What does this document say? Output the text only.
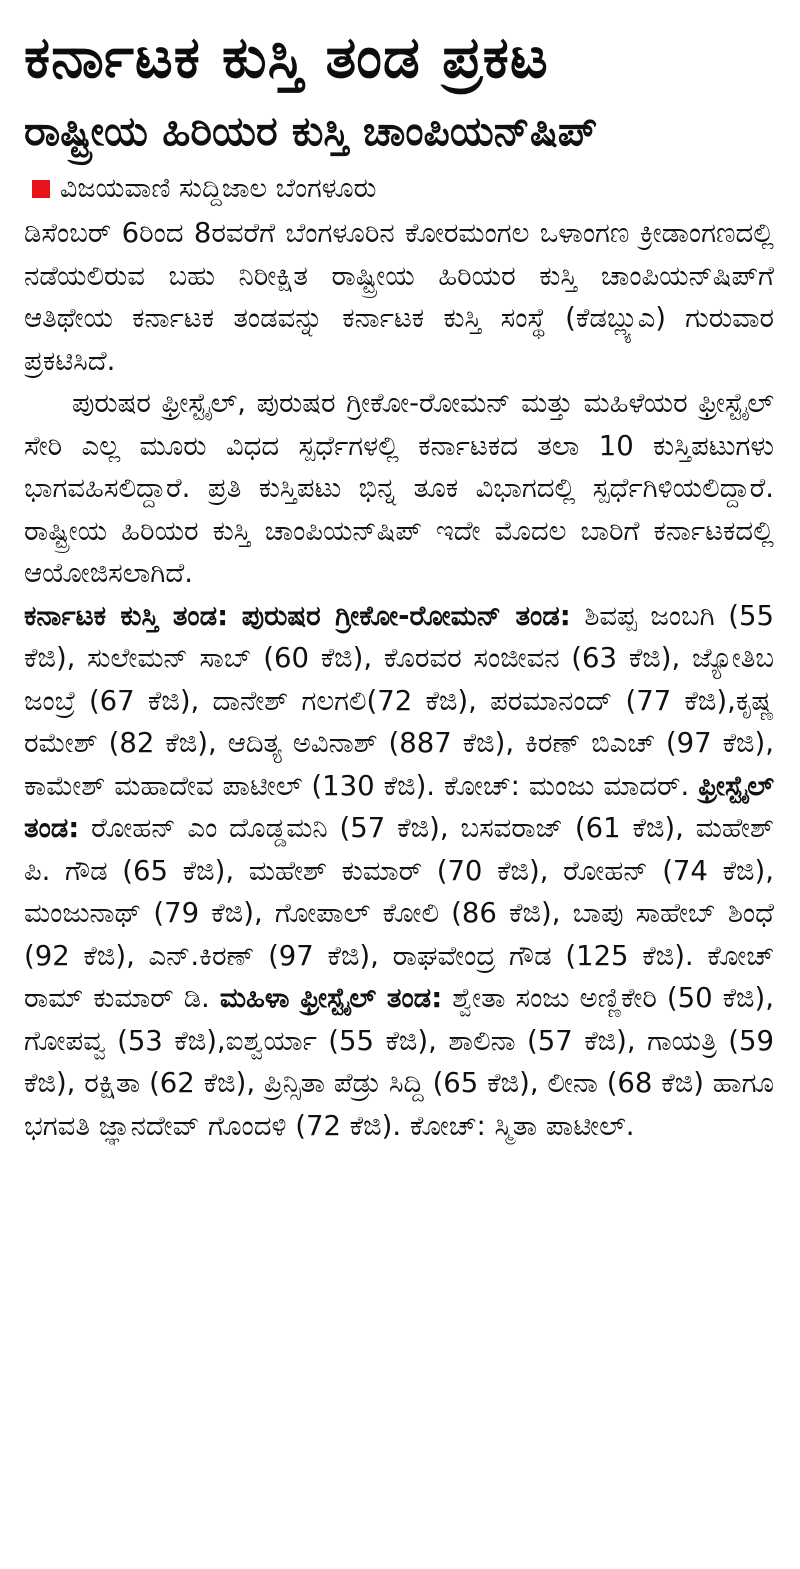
ಕರ್ನಾಟಕ ಕುಸ್ತಿ ತಂಡ ಪ್ರಕಟ
ರಾಷ್ಟ್ರೀಯ ಹಿರಿಯರ ಕುಸ್ತಿ ಚಾಂಪಿಯನ್‌ಷಿಪ್
ವಿಜಯವಾಣಿ ಸುದ್ದಿಜಾಲ ಬೆಂಗಳೂರು

ಡಿಸೆಂಬರ್ 6ರಿಂದ 8ರವರೆಗೆ ಬೆಂಗಳೂರಿನ ಕೋರಮಂಗಲ ಒಳಾಂಗಣ ಕ್ರೀಡಾಂಗಣದಲ್ಲಿ ನಡೆಯಲಿರುವ ಬಹು ನಿರೀಕ್ಷಿತ ರಾಷ್ಟ್ರೀಯ ಹಿರಿಯರ ಕುಸ್ತಿ ಚಾಂಪಿಯನ್‌ಷಿಪ್‌ಗೆ ಆತಿಥೇಯ ಕರ್ನಾಟಕ ತಂಡವನ್ನು ಕರ್ನಾಟಕ ಕುಸ್ತಿ ಸಂಸ್ಥೆ (ಕೆಡಬ್ಲ್ಯುಎ) ಗುರುವಾರ ಪ್ರಕಟಿಸಿದೆ.

ಪುರುಷರ ಫ್ರೀಸ್ಟೈಲ್, ಪುರುಷರ ಗ್ರೀಕೋ-ರೋಮನ್ ಮತ್ತು ಮಹಿಳೆಯರ ಫ್ರೀಸ್ಟೈಲ್ ಸೇರಿ ಎಲ್ಲ ಮೂರು ವಿಧದ ಸ್ಪರ್ಧೆಗಳಲ್ಲಿ ಕರ್ನಾಟಕದ ತಲಾ 10 ಕುಸ್ತಿಪಟುಗಳು ಭಾಗವಹಿಸಲಿದ್ದಾರೆ. ಪ್ರತಿ ಕುಸ್ತಿಪಟು ಭಿನ್ನ ತೂಕ ವಿಭಾಗದಲ್ಲಿ ಸ್ಪರ್ಧೆಗಿಳಿಯಲಿದ್ದಾರೆ. ರಾಷ್ಟ್ರೀಯ ಹಿರಿಯರ ಕುಸ್ತಿ ಚಾಂಪಿಯನ್‌ಷಿಪ್ ಇದೇ ಮೊದಲ ಬಾರಿಗೆ ಕರ್ನಾಟಕದಲ್ಲಿ ಆಯೋಜಿಸಲಾಗಿದೆ.

ಕರ್ನಾಟಕ ಕುಸ್ತಿ ತಂಡ: ಪುರುಷರ ಗ್ರೀಕೋ-ರೋಮನ್ ತಂಡ: ಶಿವಪ್ಪ ಜಂಬಗಿ (55 ಕೆಜಿ), ಸುಲೇಮನ್ ಸಾಬ್ (60 ಕೆಜಿ), ಕೊರವರ ಸಂಜೀವನ (63 ಕೆಜಿ), ಜ್ಯೋತಿಬ ಜಂಬ್ರೆ (67 ಕೆಜಿ), ದಾನೇಶ್ ಗಲಗಲಿ(72 ಕೆಜಿ), ಪರಮಾನಂದ್ (77 ಕೆಜಿ),ಕೃಷ್ಣ ರಮೇಶ್ (82 ಕೆಜಿ), ಆದಿತ್ಯ ಅವಿನಾಶ್ (887 ಕೆಜಿ), ಕಿರಣ್ ಬಿಎಚ್ (97 ಕೆಜಿ), ಕಾಮೇಶ್ ಮಹಾದೇವ ಪಾಟೀಲ್ (130 ಕೆಜಿ). ಕೋಚ್: ಮಂಜು ಮಾದರ್. ಫ್ರೀಸ್ಟೈಲ್ ತಂಡ: ರೋಹನ್ ಎಂ ದೊಡ್ಡಮನಿ (57 ಕೆಜಿ), ಬಸವರಾಜ್ (61 ಕೆಜಿ), ಮಹೇಶ್ ಪಿ. ಗೌಡ (65 ಕೆಜಿ), ಮಹೇಶ್ ಕುಮಾರ್ (70 ಕೆಜಿ), ರೋಹನ್ (74 ಕೆಜಿ), ಮಂಜುನಾಥ್ (79 ಕೆಜಿ), ಗೋಪಾಲ್ ಕೋಲಿ (86 ಕೆಜಿ), ಬಾಪು ಸಾಹೇಬ್ ಶಿಂಧೆ (92 ಕೆಜಿ), ಎನ್.ಕಿರಣ್ (97 ಕೆಜಿ), ರಾಘವೇಂದ್ರ ಗೌಡ (125 ಕೆಜಿ). ಕೋಚ್ ರಾಮ್ ಕುಮಾರ್ ಡಿ. ಮಹಿಳಾ ಫ್ರೀಸ್ಟೈಲ್ ತಂಡ: ಶ್ವೇತಾ ಸಂಜು ಅಣ್ಣಿಕೇರಿ (50 ಕೆಜಿ), ಗೋಪವ್ವ (53 ಕೆಜಿ),ಐಶ್ವರ್ಯಾ (55 ಕೆಜಿ), ಶಾಲಿನಾ (57 ಕೆಜಿ), ಗಾಯತ್ರಿ (59 ಕೆಜಿ), ರಕ್ಷಿತಾ (62 ಕೆಜಿ), ಪ್ರಿನ್ಸಿತಾ ಪೆಡ್ರು ಸಿದ್ದಿ (65 ಕೆಜಿ), ಲೀನಾ (68 ಕೆಜಿ) ಹಾಗೂ ಭಗವತಿ ಜ್ಞಾನದೇವ್ ಗೊಂದಳಿ (72 ಕೆಜಿ). ಕೋಚ್: ಸ್ಮಿತಾ ಪಾಟೀಲ್.
